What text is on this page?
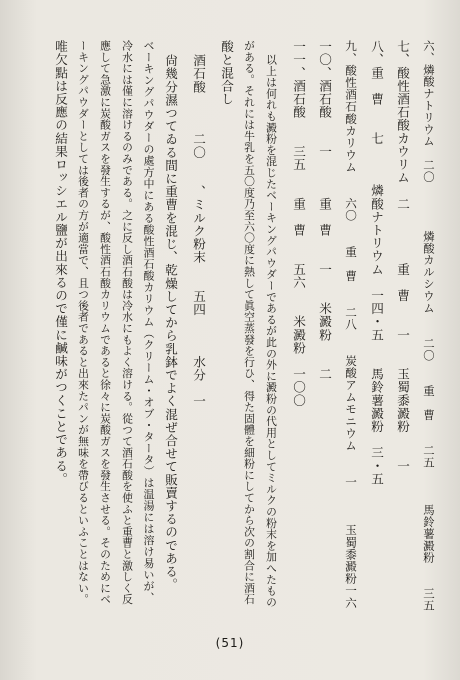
六、燐酸ナトリウム　二〇　　　　燐酸カルシウム　　二〇　　重　曹　　二五　　　馬鈴薯澱粉　　三五
七、酸性酒石酸カウリム　二　　　　重　曹　　一　　玉蜀黍澱粉　　一
八、重　曹　　七　　　燐酸ナトリウム　一四・五　　馬鈴薯澱粉　三・五
九、酸性酒石酸カリウム　　六〇　　重　曹　　二八　　炭酸アムモニウム　　一　　　玉蜀黍澱粉一六
一〇、酒石酸　　一　　　重　曹　　一　　米澱粉　　二
一一、酒石酸　　三五　　重　曹　　五六　　米澱粉　一〇〇
以上は何れも澱粉を混じたベーキングパウダーであるが此の外に澱粉の代用としてミルクの粉末を加へたもの
がある。それには牛乳を五〇度乃至六〇度に熱して眞空蒸發を行ひ、得た固體を細粉にしてから次の割合に酒石
酸と混合し
酒石酸　　　二〇　　、ミルク粉末　　五四　　　水分　一
尙幾分濕つてゐる間に重曹を混じ、乾燥してから乳鉢でよく混ぜ合せて販賣するのである。
ベーキングパウダーの處方中にある酸性酒石酸カリウム（クリーム・オブ・タータ）は温湯には溶け易いが、
冷水には僅に溶けるのみである。之に反し酒石酸は冷水にもよく溶ける。從つて酒石酸を使ふと重曹と激しく反
應して急激に炭酸ガスを發生するが、酸性酒石酸カリウムであると徐々に炭酸ガスを發生させる。そのためにベ
ーキングパウダーとしては後者の方が適當で、且つ後者であると出來たパンが無味を帶びるといふことはない。
唯欠點は反應の結果ロッシエル鹽が出來るので僅に鹹味がつくことである。
(51)
